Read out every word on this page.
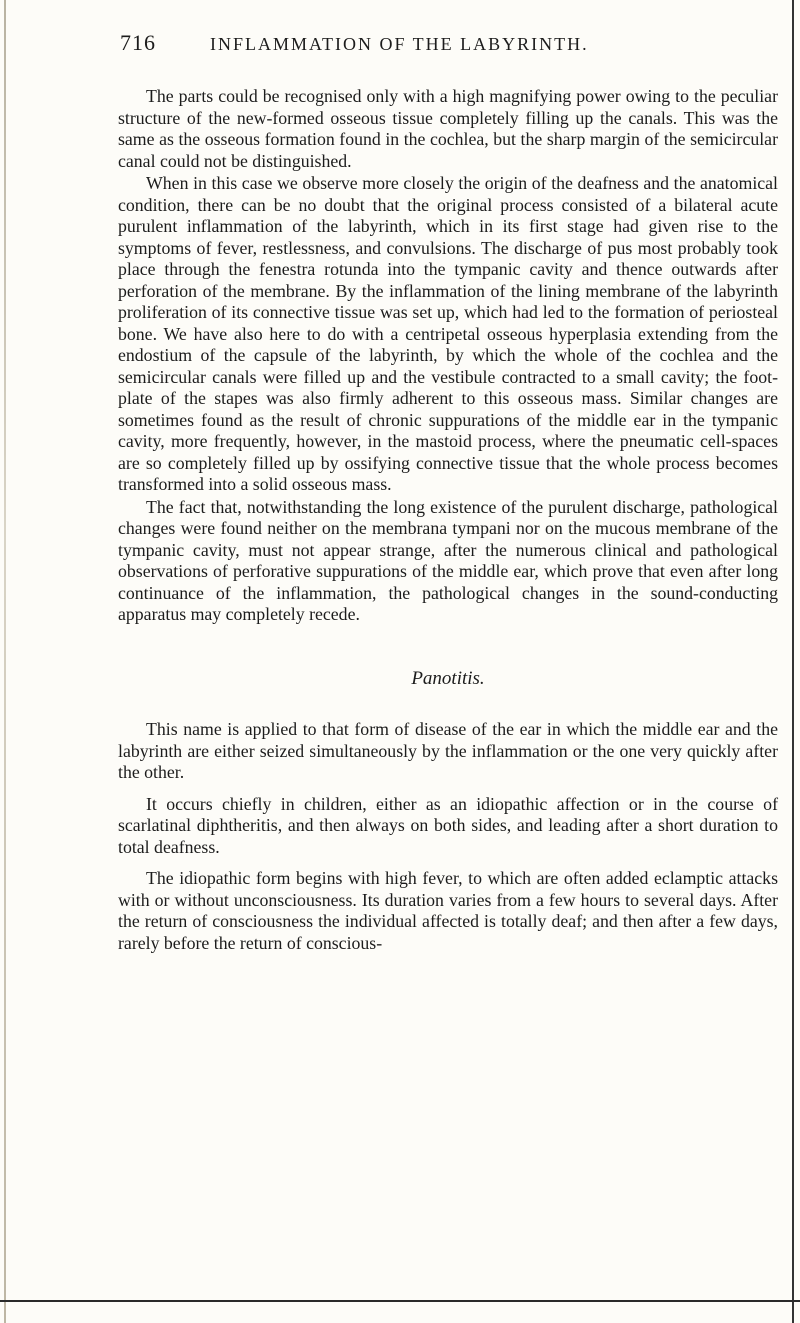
716	INFLAMMATION OF THE LABYRINTH.

The parts could be recognised only with a high magnifying power owing to the peculiar structure of the new-formed osseous tissue completely filling up the canals. This was the same as the osseous formation found in the cochlea, but the sharp margin of the semicircular canal could not be distinguished.

When in this case we observe more closely the origin of the deafness and the anatomical condition, there can be no doubt that the original process consisted of a bilateral acute purulent inflammation of the labyrinth, which in its first stage had given rise to the symptoms of fever, restlessness, and convulsions. The discharge of pus most probably took place through the fenestra rotunda into the tympanic cavity and thence outwards after perforation of the membrane. By the inflammation of the lining membrane of the labyrinth proliferation of its connective tissue was set up, which had led to the formation of periosteal bone. We have also here to do with a centripetal osseous hyperplasia extending from the endostium of the capsule of the labyrinth, by which the whole of the cochlea and the semicircular canals were filled up and the vestibule contracted to a small cavity; the foot-plate of the stapes was also firmly adherent to this osseous mass. Similar changes are sometimes found as the result of chronic suppurations of the middle ear in the tympanic cavity, more frequently, however, in the mastoid process, where the pneumatic cell-spaces are so completely filled up by ossifying connective tissue that the whole process becomes transformed into a solid osseous mass.

The fact that, notwithstanding the long existence of the purulent discharge, pathological changes were found neither on the membrana tympani nor on the mucous membrane of the tympanic cavity, must not appear strange, after the numerous clinical and pathological observations of perforative suppurations of the middle ear, which prove that even after long continuance of the inflammation, the pathological changes in the sound-conducting apparatus may completely recede.

Panotitis.

This name is applied to that form of disease of the ear in which the middle ear and the labyrinth are either seized simultaneously by the inflammation or the one very quickly after the other.

It occurs chiefly in children, either as an idiopathic affection or in the course of scarlatinal diphtheritis, and then always on both sides, and leading after a short duration to total deafness.

The idiopathic form begins with high fever, to which are often added eclamptic attacks with or without unconsciousness. Its duration varies from a few hours to several days. After the return of consciousness the individual affected is totally deaf; and then after a few days, rarely before the return of conscious-
